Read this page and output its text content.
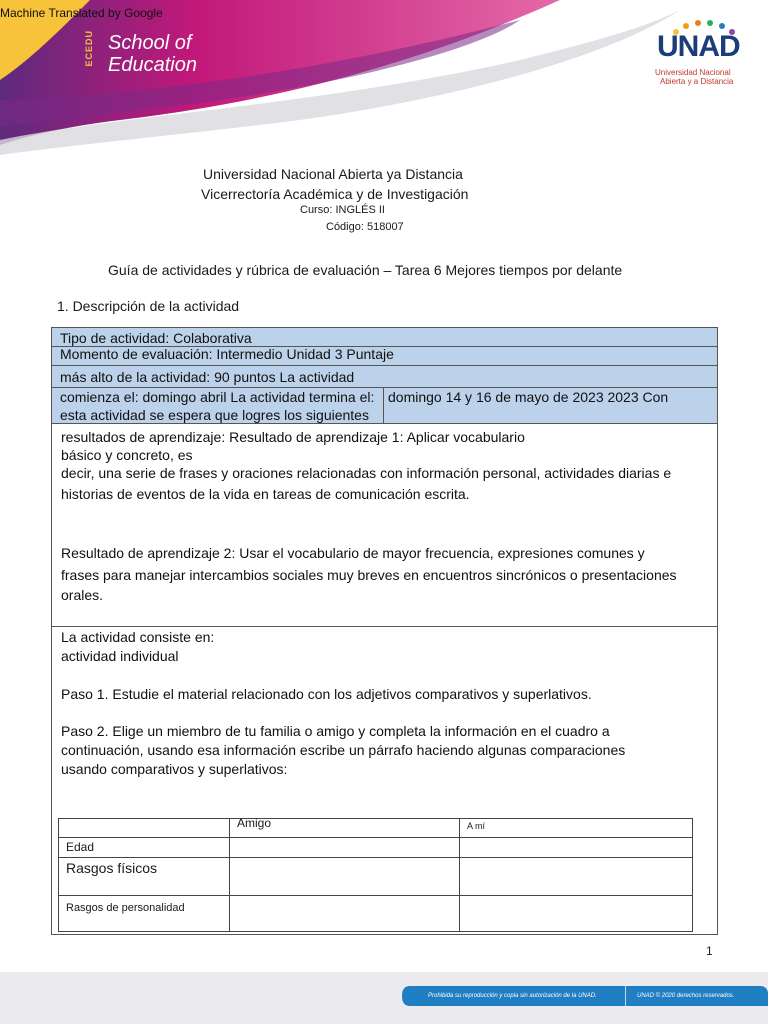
Machine Translated by Google
ECEDU School of
Education
UNAD
Universidad Nacional
Abierta y a Distancia
Universidad Nacional Abierta ya Distancia
Vicerrectoría Académica y de Investigación
Curso: INGLÉS II
Código: 518007
Guía de actividades y rúbrica de evaluación – Tarea 6 Mejores tiempos por delante
1. Descripción de la actividad
Tipo de actividad: Colaborativa
Momento de evaluación: Intermedio Unidad 3 Puntaje
más alto de la actividad: 90 puntos La actividad
comienza el: domingo abril La actividad termina el:
esta actividad se espera que logres los siguientes
domingo 14 y 16 de mayo de 2023 2023 Con
resultados de aprendizaje: Resultado de aprendizaje 1: Aplicar vocabulario
básico y concreto, es
decir, una serie de frases y oraciones relacionadas con información personal, actividades diarias e
historias de eventos de la vida en tareas de comunicación escrita.
Resultado de aprendizaje 2: Usar el vocabulario de mayor frecuencia, expresiones comunes y
frases para manejar intercambios sociales muy breves en encuentros sincrónicos o presentaciones
orales.
La actividad consiste en:
actividad individual
Paso 1. Estudie el material relacionado con los adjetivos comparativos y superlativos.
Paso 2. Elige un miembro de tu familia o amigo y completa la información en el cuadro a
continuación, usando esa información escribe un párrafo haciendo algunas comparaciones
usando comparativos y superlativos:
	Amigo	A mí
Edad		
Rasgos físicos		
Rasgos de personalidad		
1
Prohibida su reproducción y copia sin autorización de la UNAD.	UNAD © 2020 derechos reservados.
